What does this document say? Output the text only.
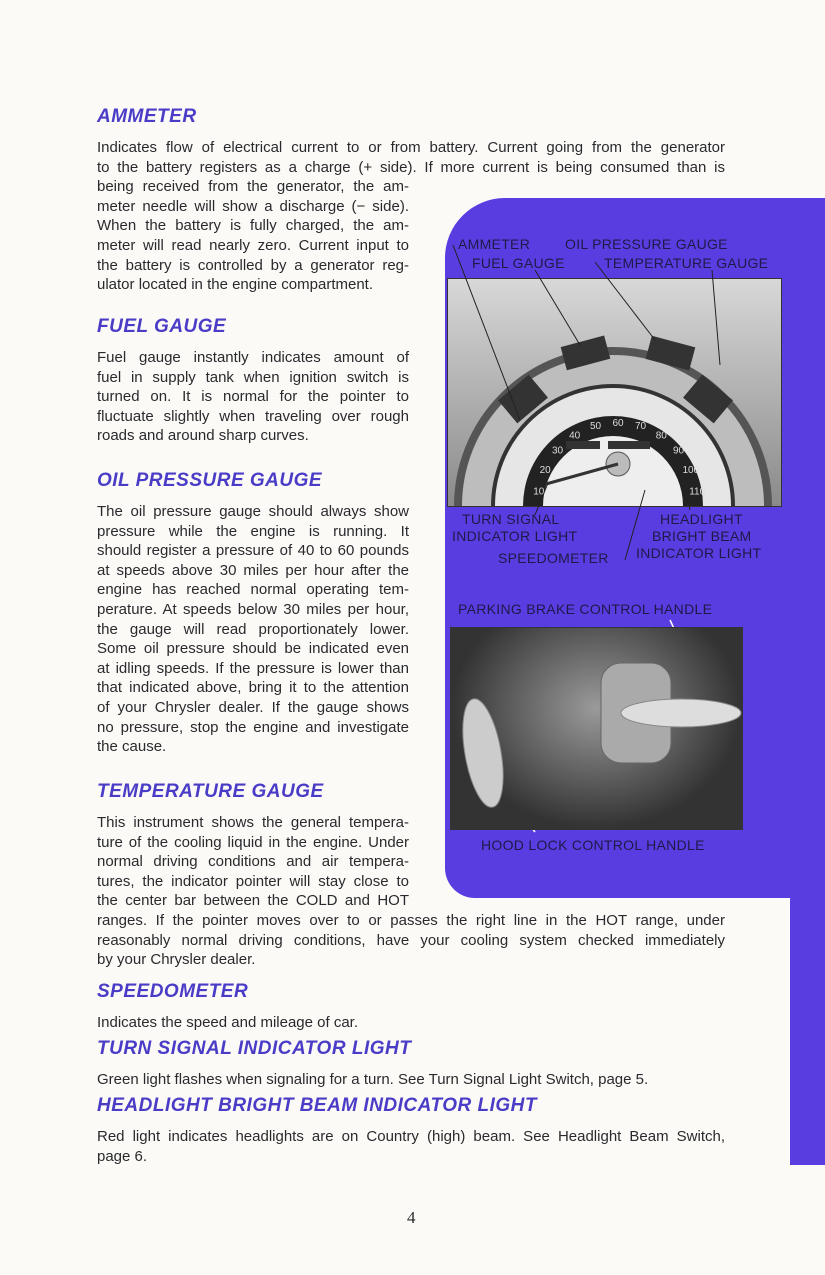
10
20
30
40
50 60 70
80
90
100
110
AMMETER
FUEL GAUGE
OIL PRESSURE GAUGE
TEMPERATURE GAUGE
TURN SIGNAL
INDICATOR LIGHT
SPEEDOMETER
HEADLIGHT
BRIGHT BEAM
INDICATOR LIGHT
PARKING BRAKE CONTROL HANDLE
HOOD LOCK CONTROL HANDLE
AMMETER
Indicates flow of electrical current to or from battery. Current going from the generator
to the battery registers as a charge (+ side). If more current is being consumed than is
being received from the generator, the am-
meter needle will show a discharge (− side).
When the battery is fully charged, the am-
meter will read nearly zero. Current input to
the battery is controlled by a generator reg-
ulator located in the engine compartment.
FUEL GAUGE
Fuel gauge instantly indicates amount of
fuel in supply tank when ignition switch is
turned on. It is normal for the pointer to
fluctuate slightly when traveling over rough
roads and around sharp curves.
OIL PRESSURE GAUGE
The oil pressure gauge should always show
pressure while the engine is running. It
should register a pressure of 40 to 60 pounds
at speeds above 30 miles per hour after the
engine has reached normal operating tem-
perature. At speeds below 30 miles per hour,
the gauge will read proportionately lower.
Some oil pressure should be indicated even
at idling speeds. If the pressure is lower than
that indicated above, bring it to the attention
of your Chrysler dealer. If the gauge shows
no pressure, stop the engine and investigate
the cause.
TEMPERATURE GAUGE
This instrument shows the general tempera-
ture of the cooling liquid in the engine. Under
normal driving conditions and air tempera-
tures, the indicator pointer will stay close to
the center bar between the COLD and HOT
ranges. If the pointer moves over to or passes the right line in the HOT range, under
reasonably normal driving conditions, have your cooling system checked immediately
by your Chrysler dealer.
SPEEDOMETER
Indicates the speed and mileage of car.
TURN SIGNAL INDICATOR LIGHT
Green light flashes when signaling for a turn. See Turn Signal Light Switch, page 5.
HEADLIGHT BRIGHT BEAM INDICATOR LIGHT
Red light indicates headlights are on Country (high) beam. See Headlight Beam Switch,
page 6.
4
